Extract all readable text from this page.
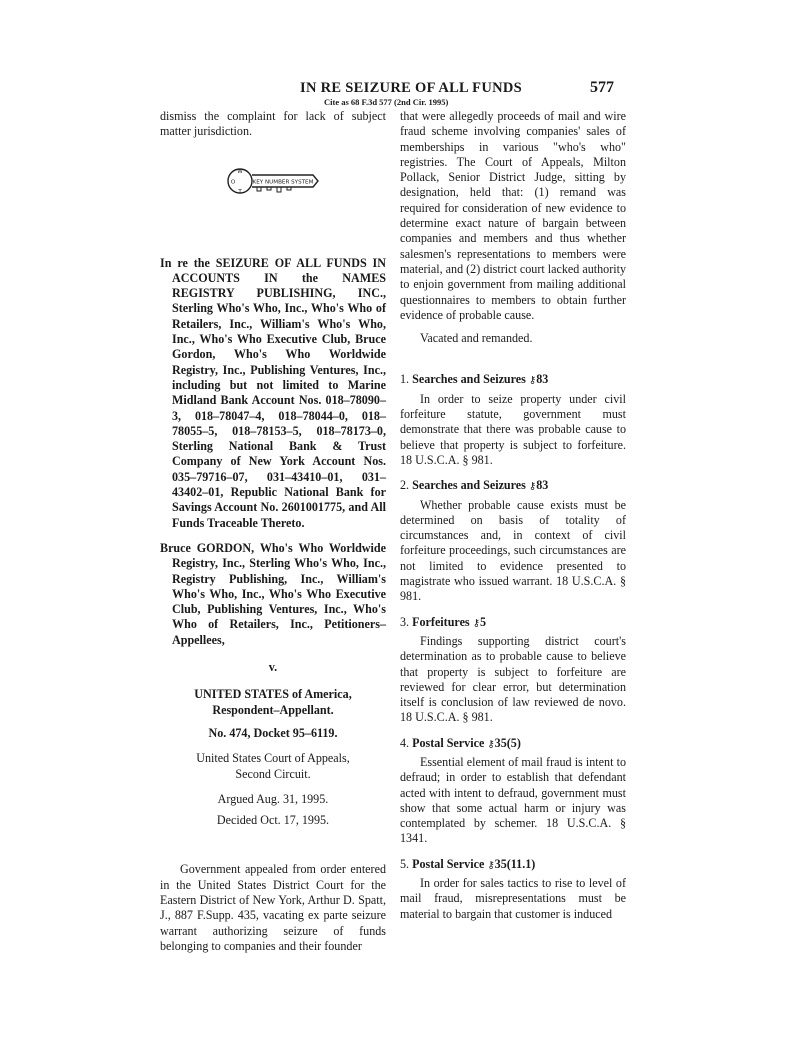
IN RE SEIZURE OF ALL FUNDS	577
Cite as 68 F.3d 577 (2nd Cir. 1995)

dismiss the complaint for lack of subject matter jurisdiction.

W
O
T
KEY NUMBER SYSTEM

In re the SEIZURE OF ALL FUNDS IN ACCOUNTS IN the NAMES REGISTRY PUBLISHING, INC., Sterling Who's Who, Inc., Who's Who of Retailers, Inc., William's Who's Who, Inc., Who's Who Executive Club, Bruce Gordon, Who's Who Worldwide Registry, Inc., Publishing Ventures, Inc., including but not limited to Marine Midland Bank Account Nos. 018–78090–3, 018–78047–4, 018–78044–0, 018–78055–5, 018–78153–5, 018–78173–0, Sterling National Bank & Trust Company of New York Account Nos. 035–79716–07, 031–43410–01, 031–43402–01, Republic National Bank for Savings Account No. 2601001775, and All Funds Traceable Thereto.

Bruce GORDON, Who's Who Worldwide Registry, Inc., Sterling Who's Who, Inc., Registry Publishing, Inc., William's Who's Who, Inc., Who's Who Executive Club, Publishing Ventures, Inc., Who's Who of Retailers, Inc., Petitioners–Appellees,

v.

UNITED STATES of America,
Respondent–Appellant.

No. 474, Docket 95–6119.

United States Court of Appeals,
Second Circuit.

Argued Aug. 31, 1995.

Decided Oct. 17, 1995.

Government appealed from order entered in the United States District Court for the Eastern District of New York, Arthur D. Spatt, J., 887 F.Supp. 435, vacating ex parte seizure warrant authorizing seizure of funds belonging to companies and their founder

that were allegedly proceeds of mail and wire fraud scheme involving companies' sales of memberships in various "who's who" registries. The Court of Appeals, Milton Pollack, Senior District Judge, sitting by designation, held that: (1) remand was required for consideration of new evidence to determine exact nature of bargain between companies and members and thus whether salesmen's representations to members were material, and (2) district court lacked authority to enjoin government from mailing additional questionnaires to members to obtain further evidence of probable cause.

Vacated and remanded.

1. Searches and Seizures ⚷83

In order to seize property under civil forfeiture statute, government must demonstrate that there was probable cause to believe that property is subject to forfeiture. 18 U.S.C.A. § 981.

2. Searches and Seizures ⚷83

Whether probable cause exists must be determined on basis of totality of circumstances and, in context of civil forfeiture proceedings, such circumstances are not limited to evidence presented to magistrate who issued warrant. 18 U.S.C.A. § 981.

3. Forfeitures ⚷5

Findings supporting district court's determination as to probable cause to believe that property is subject to forfeiture are reviewed for clear error, but determination itself is conclusion of law reviewed de novo. 18 U.S.C.A. § 981.

4. Postal Service ⚷35(5)

Essential element of mail fraud is intent to defraud; in order to establish that defendant acted with intent to defraud, government must show that some actual harm or injury was contemplated by schemer. 18 U.S.C.A. § 1341.

5. Postal Service ⚷35(11.1)

In order for sales tactics to rise to level of mail fraud, misrepresentations must be material to bargain that customer is induced
